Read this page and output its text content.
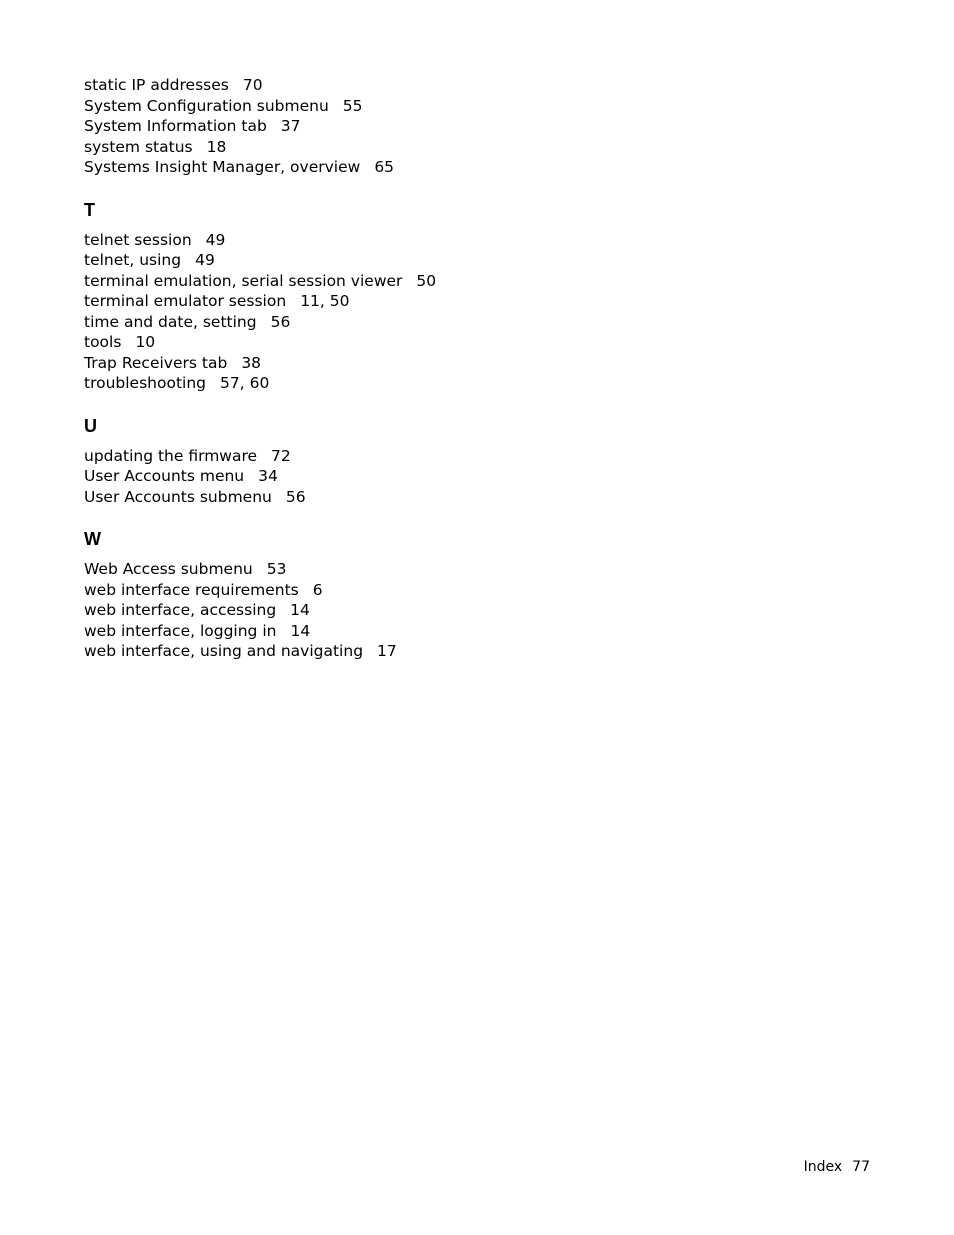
static IP addresses 70
System Configuration submenu 55
System Information tab 37
system status 18
Systems Insight Manager, overview 65
T
telnet session 49
telnet, using 49
terminal emulation, serial session viewer 50
terminal emulator session 11, 50
time and date, setting 56
tools 10
Trap Receivers tab 38
troubleshooting 57, 60
U
updating the firmware 72
User Accounts menu 34
User Accounts submenu 56
W
Web Access submenu 53
web interface requirements 6
web interface, accessing 14
web interface, logging in 14
web interface, using and navigating 17
Index 77
